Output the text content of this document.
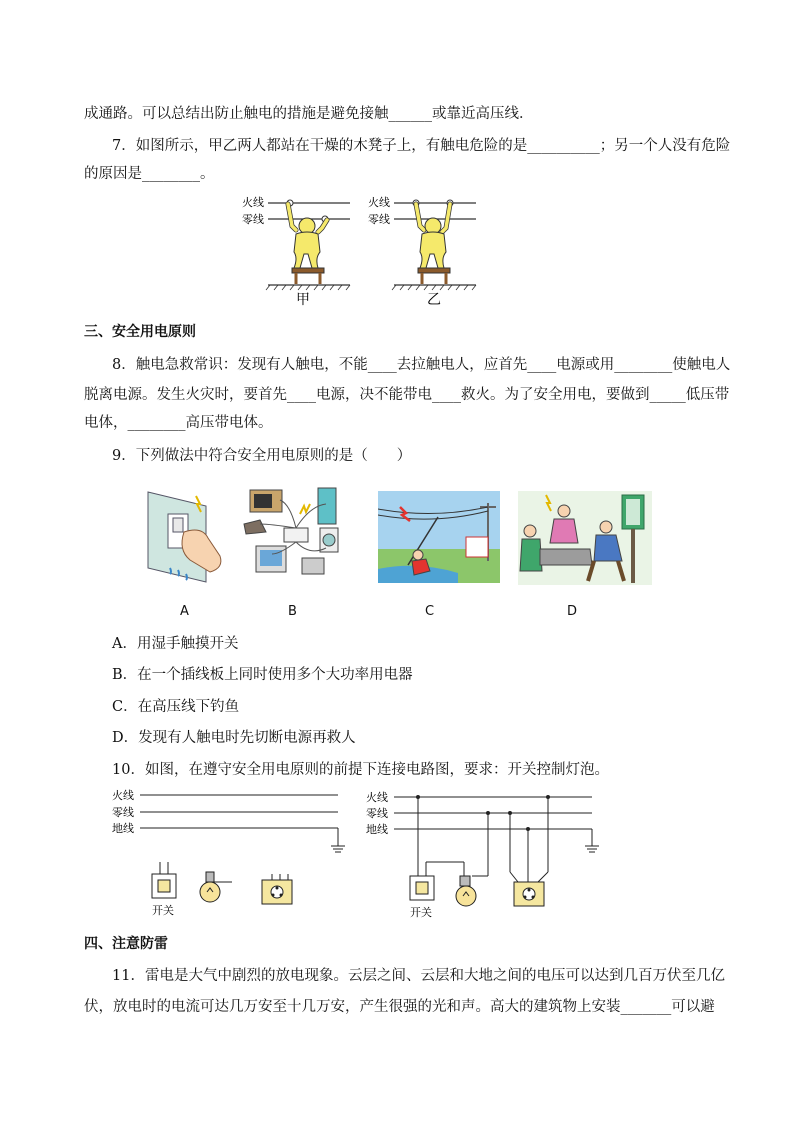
成通路。可以总结出防止触电的措施是避免接触______或靠近高压线．
7．如图所示，甲乙两人都站在干燥的木凳子上，有触电危险的是__________；另一个人没有危险
的原因是________。
火线
零线
甲
火线
零线
乙
三、安全用电原则
8．触电急救常识：发现有人触电，不能____去拉触电人，应首先____电源或用________使触电人
脱离电源。发生火灾时，要首先____电源，决不能带电____救火。为了安全用电，要做到_____低压带
电体，________高压带电体。
9．下列做法中符合安全用电原则的是（　　）
A	B	C	D
A．用湿手触摸开关
B．在一个插线板上同时使用多个大功率用电器
C．在高压线下钓鱼
D．发现有人触电时先切断电源再救人
10．如图，在遵守安全用电原则的前提下连接电路图，要求：开关控制灯泡。
火线
零线
地线
开关
火线
零线
地线
开关
四、注意防雷
11．雷电是大气中剧烈的放电现象。云层之间、云层和大地之间的电压可以达到几百万伏至几亿
伏，放电时的电流可达几万安至十几万安，产生很强的光和声。高大的建筑物上安装_______可以避
